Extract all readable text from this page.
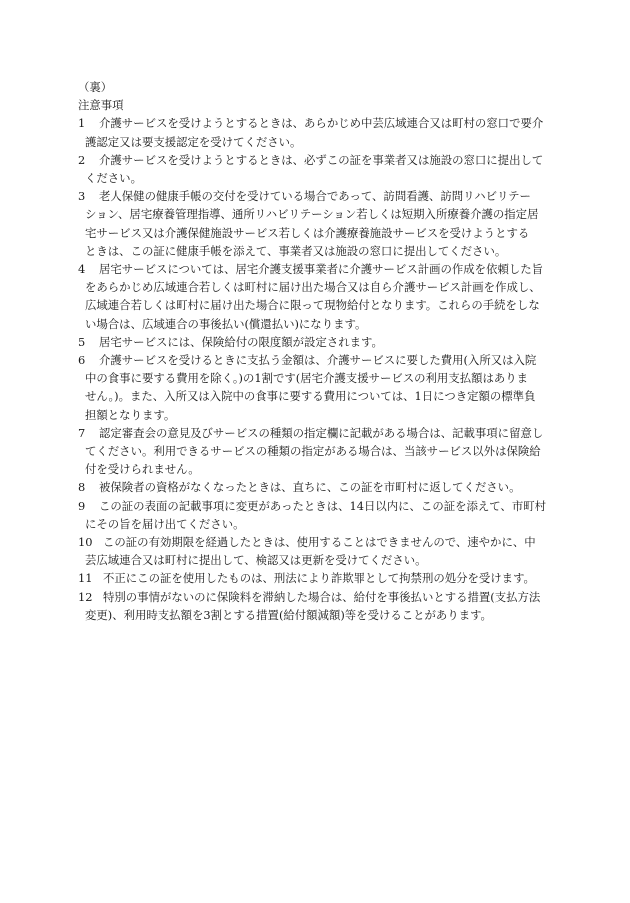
（裏）
注意事項
1	介護サービスを受けようとするときは、あらかじめ中芸広域連合又は町村の窓口で要介
護認定又は要支援認定を受けてください。
2	介護サービスを受けようとするときは、必ずこの証を事業者又は施設の窓口に提出して
ください。
3	老人保健の健康手帳の交付を受けている場合であって、訪問看護、訪問リハビリテー
ション、居宅療養管理指導、通所リハビリテーション若しくは短期入所療養介護の指定居
宅サービス又は介護保健施設サービス若しくは介護療養施設サービスを受けようとする
ときは、この証に健康手帳を添えて、事業者又は施設の窓口に提出してください。
4	居宅サービスについては、居宅介護支援事業者に介護サービス計画の作成を依頼した旨
をあらかじめ広域連合若しくは町村に届け出た場合又は自ら介護サービス計画を作成し、
広域連合若しくは町村に届け出た場合に限って現物給付となります。これらの手続をしな
い場合は、広域連合の事後払い(償還払い)になります。
5	居宅サービスには、保険給付の限度額が設定されます。
6	介護サービスを受けるときに支払う金額は、介護サービスに要した費用(入所又は入院
中の食事に要する費用を除く。)の1割です(居宅介護支援サービスの利用支払額はありま
せん。)。また、入所又は入院中の食事に要する費用については、1日につき定額の標準負
担額となります。
7	認定審査会の意見及びサービスの種類の指定欄に記載がある場合は、記載事項に留意し
てください。利用できるサービスの種類の指定がある場合は、当該サービス以外は保険給
付を受けられません。
8	被保険者の資格がなくなったときは、直ちに、この証を市町村に返してください。
9	この証の表面の記載事項に変更があったときは、14日以内に、この証を添えて、市町村
にその旨を届け出てください。
10 この証の有効期限を経過したときは、使用することはできませんので、速やかに、中
芸広域連合又は町村に提出して、検認又は更新を受けてください。
11 不正にこの証を使用したものは、刑法により詐欺罪として拘禁刑の処分を受けます。
12 特別の事情がないのに保険料を滞納した場合は、給付を事後払いとする措置(支払方法
変更)、利用時支払額を3割とする措置(給付額減額)等を受けることがあります。
